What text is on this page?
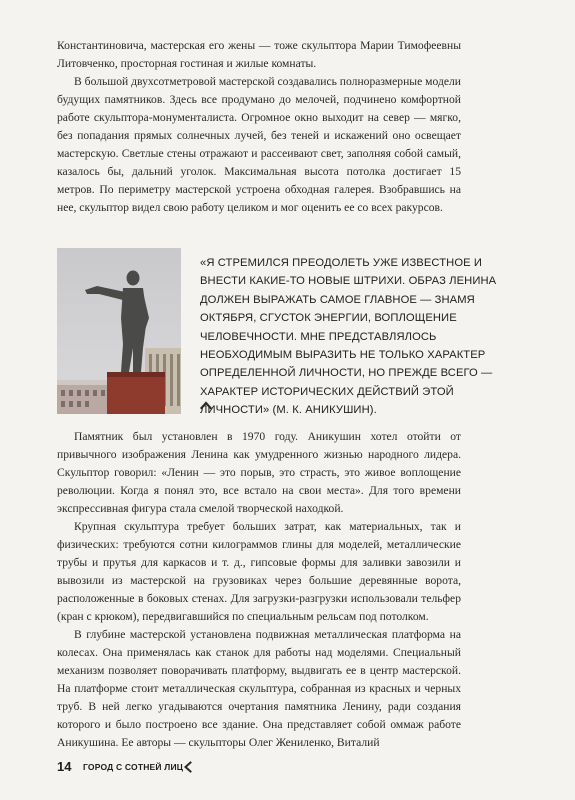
Константиновича, мастерская его жены — тоже скульптора Марии Тимофеевны Литовченко, просторная гостиная и жилые комнаты.

В большой двухсотметровой мастерской создавались полноразмерные модели будущих памятников. Здесь все продумано до мелочей, подчинено комфортной работе скульптора-монументалиста. Огромное окно выходит на север — мягко, без попадания прямых солнечных лучей, без теней и искажений оно освещает мастерскую. Светлые стены отражают и рассеивают свет, заполняя собой самый, казалось бы, дальний уголок. Максимальная высота потолка достигает 15 метров. По периметру мастерской устроена обходная галерея. Взобравшись на нее, скульптор видел свою работу целиком и мог оценить ее со всех ракурсов.

«Я СТРЕМИЛСЯ ПРЕОДОЛЕТЬ УЖЕ ИЗВЕСТНОЕ И ВНЕСТИ КАКИЕ-ТО НОВЫЕ ШТРИХИ. ОБРАЗ ЛЕНИНА ДОЛЖЕН ВЫРАЖАТЬ САМОЕ ГЛАВНОЕ — ЗНАМЯ ОКТЯБРЯ, СГУСТОК ЭНЕРГИИ, ВОПЛОЩЕНИЕ ЧЕЛОВЕЧНОСТИ. МНЕ ПРЕДСТАВЛЯЛОСЬ НЕОБХОДИМЫМ ВЫРАЗИТЬ НЕ ТОЛЬКО ХАРАКТЕР ОПРЕДЕЛЕННОЙ ЛИЧНОСТИ, НО ПРЕЖДЕ ВСЕГО — ХАРАКТЕР ИСТОРИЧЕСКИХ ДЕЙСТВИЙ ЭТОЙ ЛИЧНОСТИ» (М. К. АНИКУШИН).

Памятник был установлен в 1970 году. Аникушин хотел отойти от привычного изображения Ленина как умудренного жизнью народного лидера. Скульптор говорил: «Ленин — это порыв, это страсть, это живое воплощение революции. Когда я понял это, все встало на свои места». Для того времени экспрессивная фигура стала смелой творческой находкой.

Крупная скульптура требует больших затрат, как материальных, так и физических: требуются сотни килограммов глины для моделей, металлические трубы и прутья для каркасов и т. д., гипсовые формы для заливки завозили и вывозили из мастерской на грузовиках через большие деревянные ворота, расположенные в боковых стенах. Для загрузки-разгрузки использовали тельфер (кран с крюком), передвигавшийся по специальным рельсам под потолком.

В глубине мастерской установлена подвижная металлическая платформа на колесах. Она применялась как станок для работы над моделями. Специальный механизм позволяет поворачивать платформу, выдвигать ее в центр мастерской. На платформе стоит металлическая скульптура, собранная из красных и черных труб. В ней легко угадываются очертания памятника Ленину, ради создания которого и было построено все здание. Она представляет собой оммаж работе Аникушина. Ее авторы — скульпторы Олег Жениленко, Виталий

14 ГОРОД С СОТНЕЙ ЛИЦ
